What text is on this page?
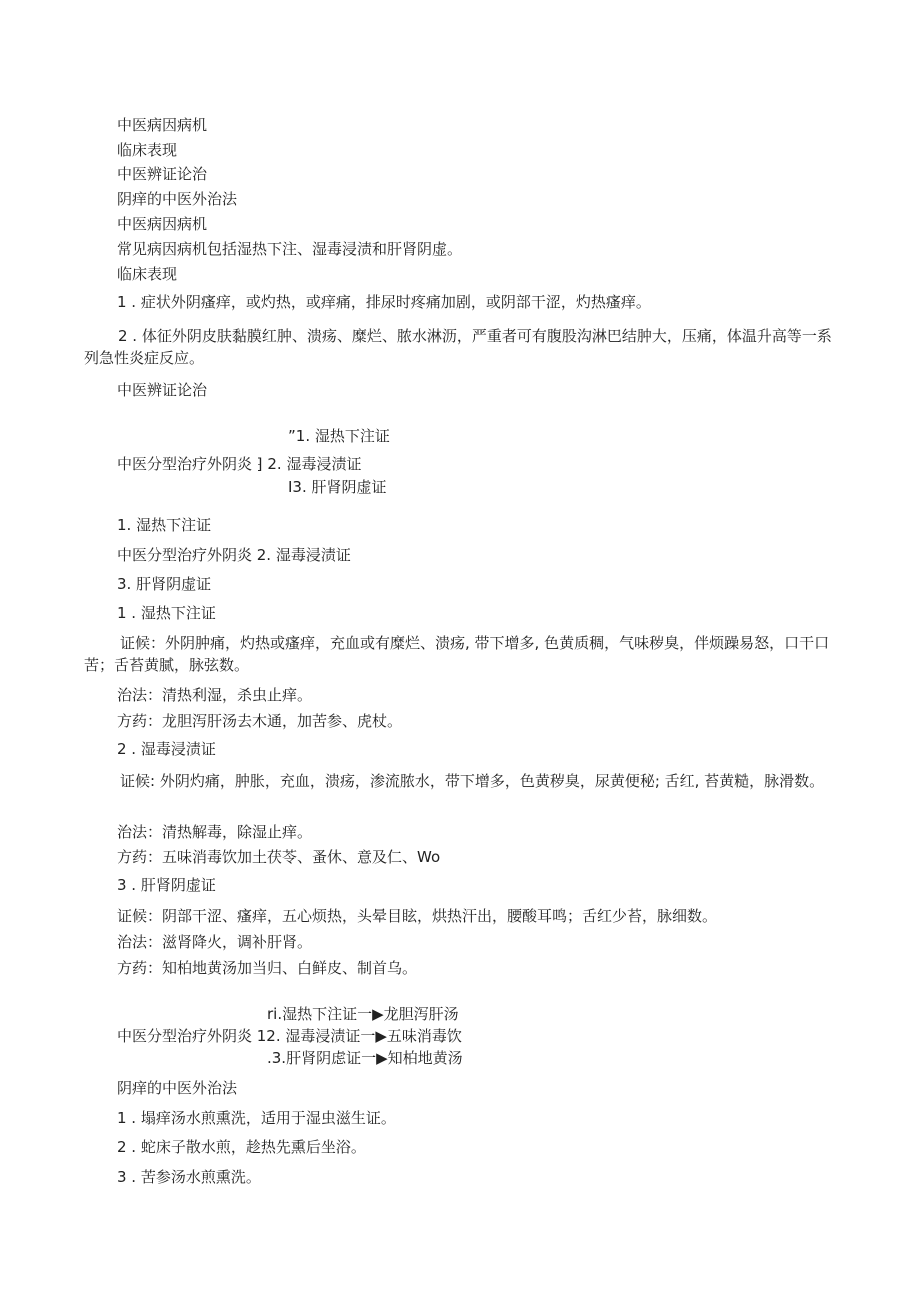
中医病因病机
临床表现
中医辨证论治
阴痒的中医外治法
中医病因病机
常见病因病机包括湿热下注、湿毒浸渍和肝肾阴虚。
临床表现
1 . 症状外阴瘙痒，或灼热，或痒痛，排尿时疼痛加剧，或阴部干涩，灼热瘙痒。
2 . 体征外阴皮肤黏膜红肿、溃疡、糜烂、脓水淋沥，严重者可有腹股沟淋巴结肿大，压痛，体温升高等一系列急性炎症反应。
中医辨证论治
”1. 湿热下注证
中医分型治疗外阴炎 ⁆ 2. 湿毒浸渍证
I3. 肝肾阴虚证
1. 湿热下注证
中医分型治疗外阴炎 2. 湿毒浸渍证
3. 肝肾阴虚证
1 . 湿热下注证
证候：外阴肿痛，灼热或瘙痒，充血或有糜烂、溃疡, 带下增多, 色黄质稠，气味秽臭，伴烦躁易怒，口干口苦；舌苔黄腻，脉弦数。
治法：清热利湿，杀虫止痒。
方药：龙胆泻肝汤去木通，加苦参、虎杖。
2 . 湿毒浸渍证
证候: 外阴灼痛，肿胀，充血，溃疡，渗流脓水，带下增多，色黄秽臭，尿黄便秘; 舌红, 苔黄糙，脉滑数。
治法：清热解毒，除湿止痒。
方药：五味消毒饮加土茯苓、蚤休、意及仁、Wo
3 . 肝肾阴虚证
证候：阴部干涩、瘙痒，五心烦热，头晕目眩，烘热汗出，腰酸耳鸣；舌红少苔，脉细数。
治法：滋肾降火，调补肝肾。
方药：知柏地黄汤加当归、白鲜皮、制首乌。
ri.湿热下注证一▶龙胆泻肝汤
中医分型治疗外阴炎 12. 湿毒浸渍证一▶五味消毒饮
.3.肝肾阴虑证一▶知柏地黄汤
阴痒的中医外治法
1 . 塌痒汤水煎熏洗，适用于湿虫滋生证。
2 . 蛇床子散水煎，趁热先熏后坐浴。
3 . 苦参汤水煎熏洗。
